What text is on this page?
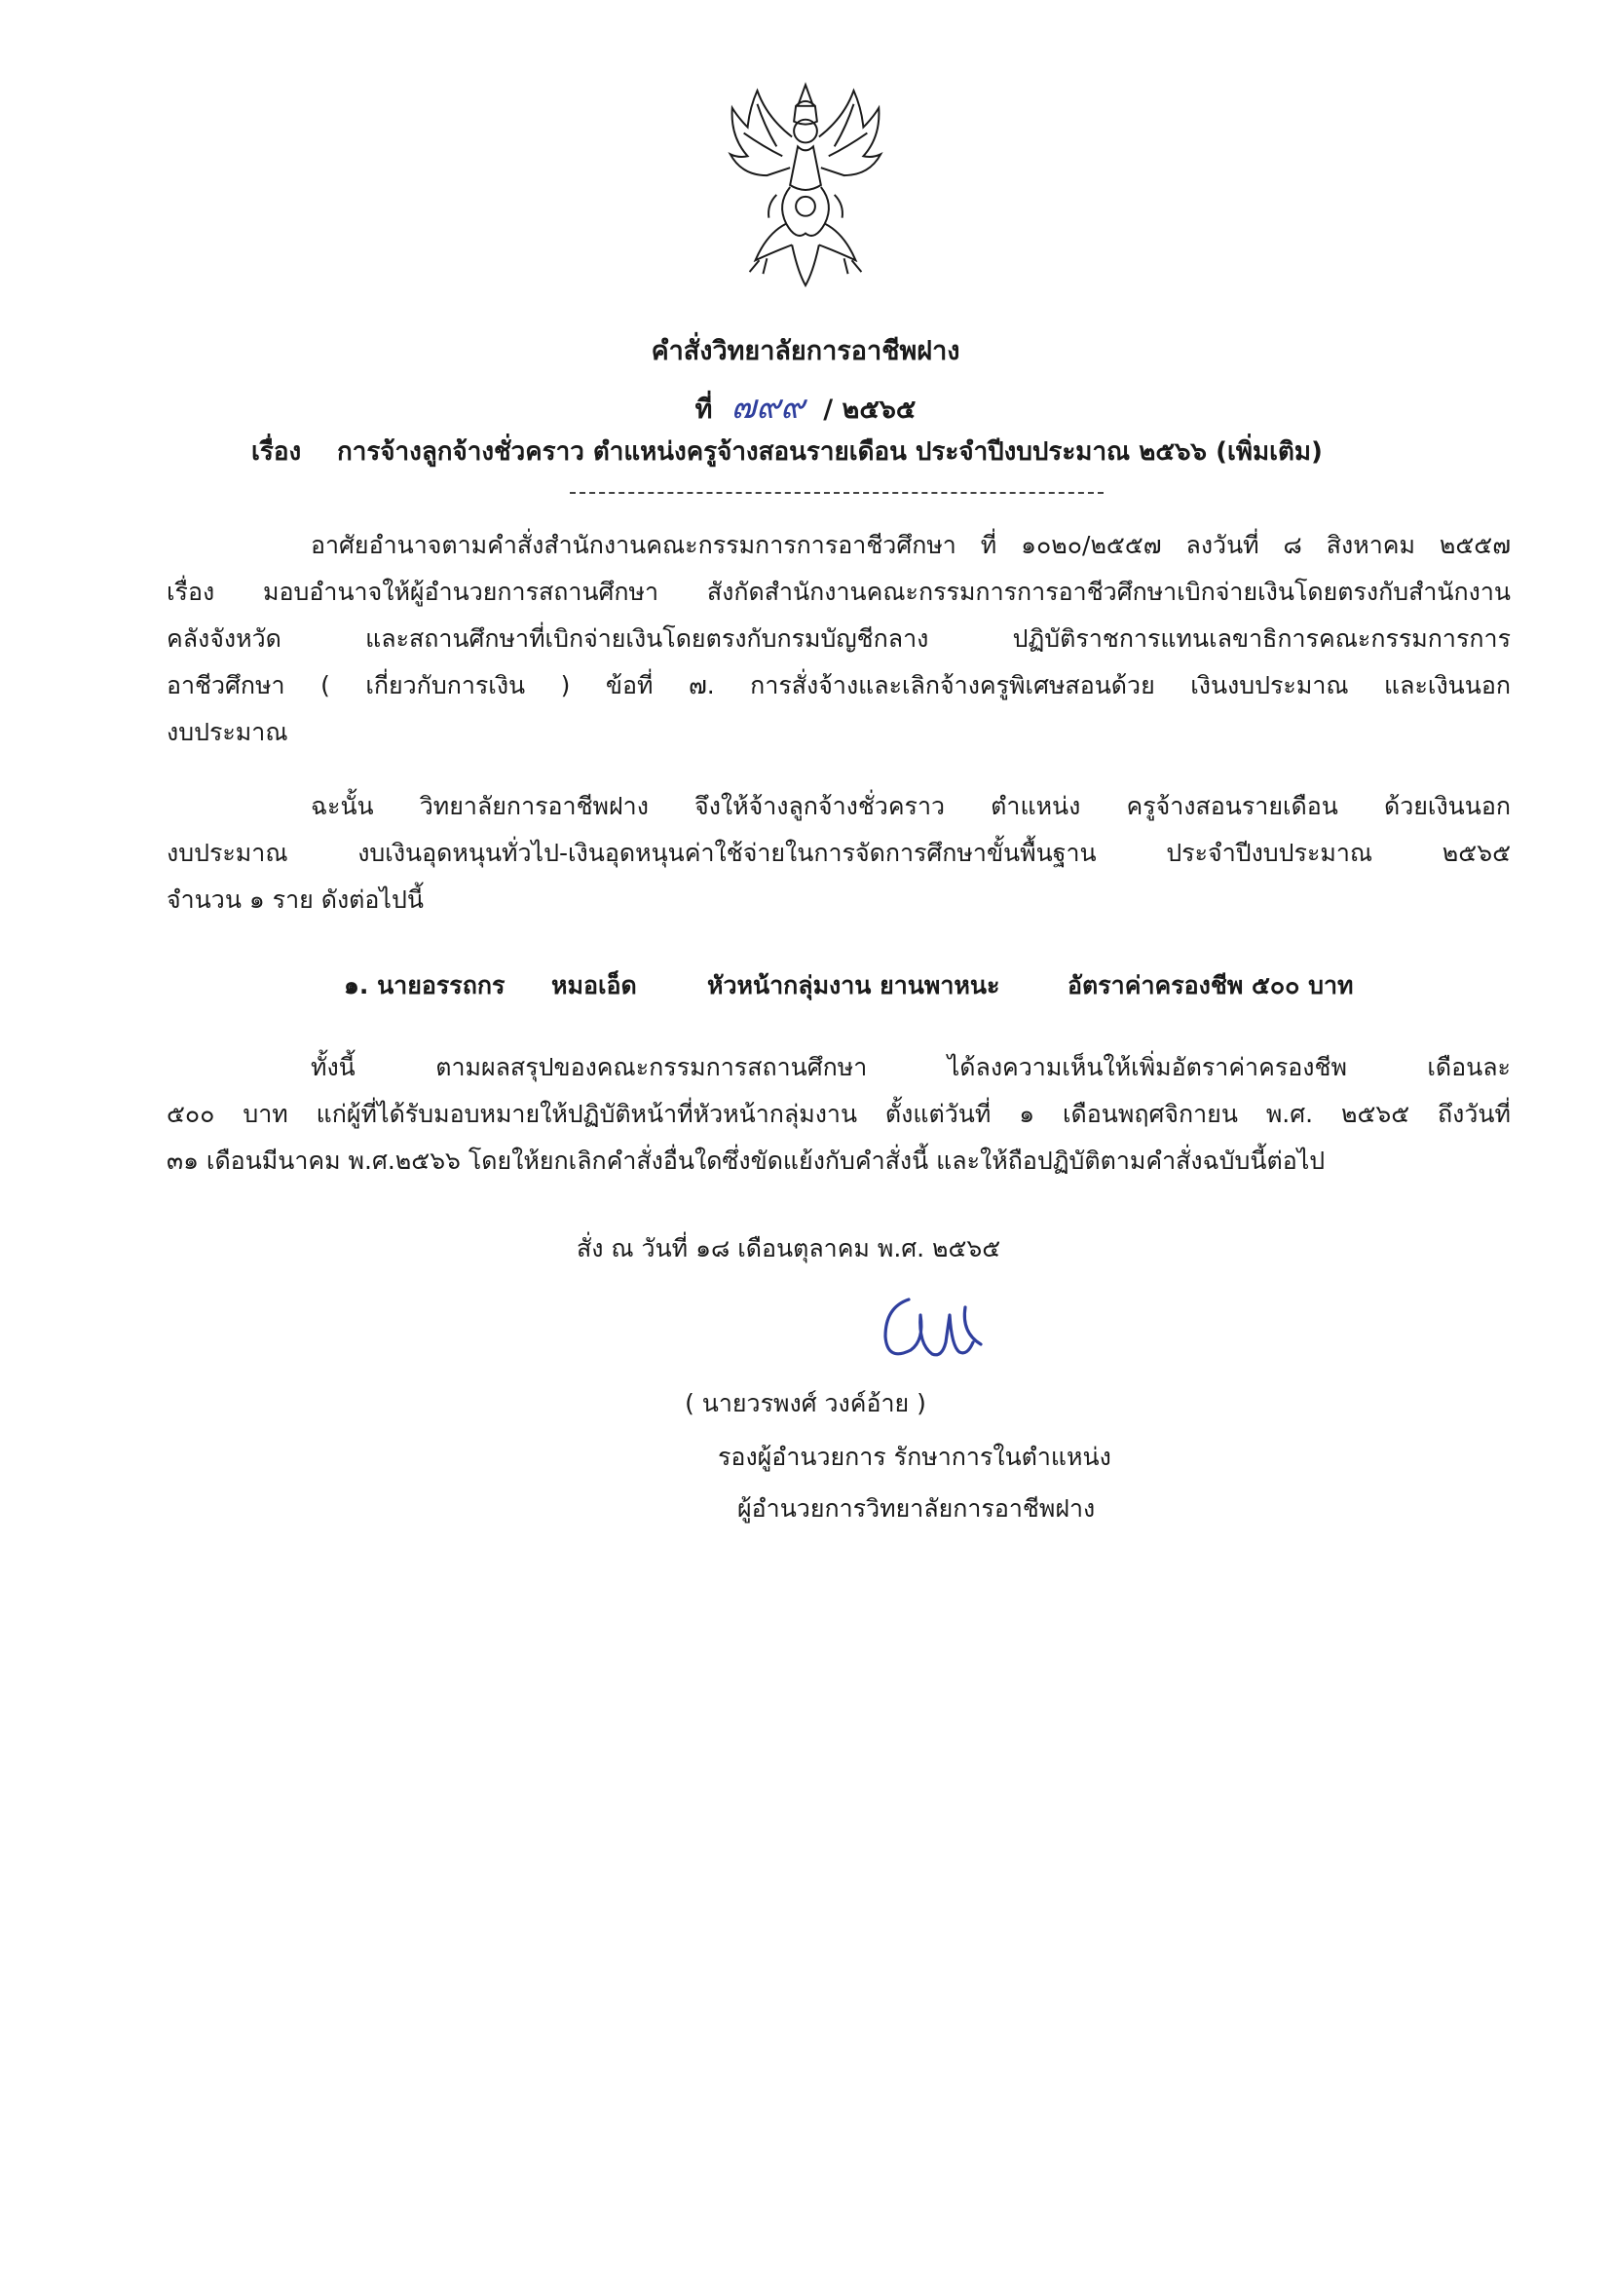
คำสั่งวิทยาลัยการอาชีพฝาง
ที่ ๗๙๙ / ๒๕๖๕
เรื่อง การจ้างลูกจ้างชั่วคราว ตำแหน่งครูจ้างสอนรายเดือน ประจำปีงบประมาณ ๒๕๖๖ (เพิ่มเติม)
อาศัยอำนาจตามคำสั่งสำนักงานคณะกรรมการการอาชีวศึกษา ที่ ๑๐๒๐/๒๕๕๗ ลงวันที่ ๘ สิงหาคม ๒๕๕๗
เรื่อง มอบอำนาจให้ผู้อำนวยการสถานศึกษา สังกัดสำนักงานคณะกรรมการการอาชีวศึกษาเบิกจ่ายเงินโดยตรงกับสำนักงาน
คลังจังหวัด และสถานศึกษาที่เบิกจ่ายเงินโดยตรงกับกรมบัญชีกลาง ปฏิบัติราชการแทนเลขาธิการคณะกรรมการการ
อาชีวศึกษา ( เกี่ยวกับการเงิน ) ข้อที่ ๗. การสั่งจ้างและเลิกจ้างครูพิเศษสอนด้วย เงินงบประมาณ และเงินนอก
งบประมาณ
ฉะนั้น วิทยาลัยการอาชีพฝาง จึงให้จ้างลูกจ้างชั่วคราว ตำแหน่ง ครูจ้างสอนรายเดือน ด้วยเงินนอก
งบประมาณ งบเงินอุดหนุนทั่วไป-เงินอุดหนุนค่าใช้จ่ายในการจัดการศึกษาขั้นพื้นฐาน ประจำปีงบประมาณ ๒๕๖๕
จำนวน ๑ ราย ดังต่อไปนี้
๑. นายอรรถกร หมอเอ็ด	หัวหน้ากลุ่มงาน ยานพาหนะ	อัตราค่าครองชีพ ๕๐๐ บาท
ทั้งนี้ ตามผลสรุปของคณะกรรมการสถานศึกษา ได้ลงความเห็นให้เพิ่มอัตราค่าครองชีพ เดือนละ
๕๐๐ บาท แก่ผู้ที่ได้รับมอบหมายให้ปฏิบัติหน้าที่หัวหน้ากลุ่มงาน ตั้งแต่วันที่ ๑ เดือนพฤศจิกายน พ.ศ. ๒๕๖๕ ถึงวันที่
๓๑ เดือนมีนาคม พ.ศ.๒๕๖๖ โดยให้ยกเลิกคำสั่งอื่นใดซึ่งขัดแย้งกับคำสั่งนี้ และให้ถือปฏิบัติตามคำสั่งฉบับนี้ต่อไป
สั่ง ณ วันที่ ๑๘ เดือนตุลาคม พ.ศ. ๒๕๖๕
( นายวรพงศ์ วงค์อ้าย )
รองผู้อำนวยการ รักษาการในตำแหน่ง
ผู้อำนวยการวิทยาลัยการอาชีพฝาง
